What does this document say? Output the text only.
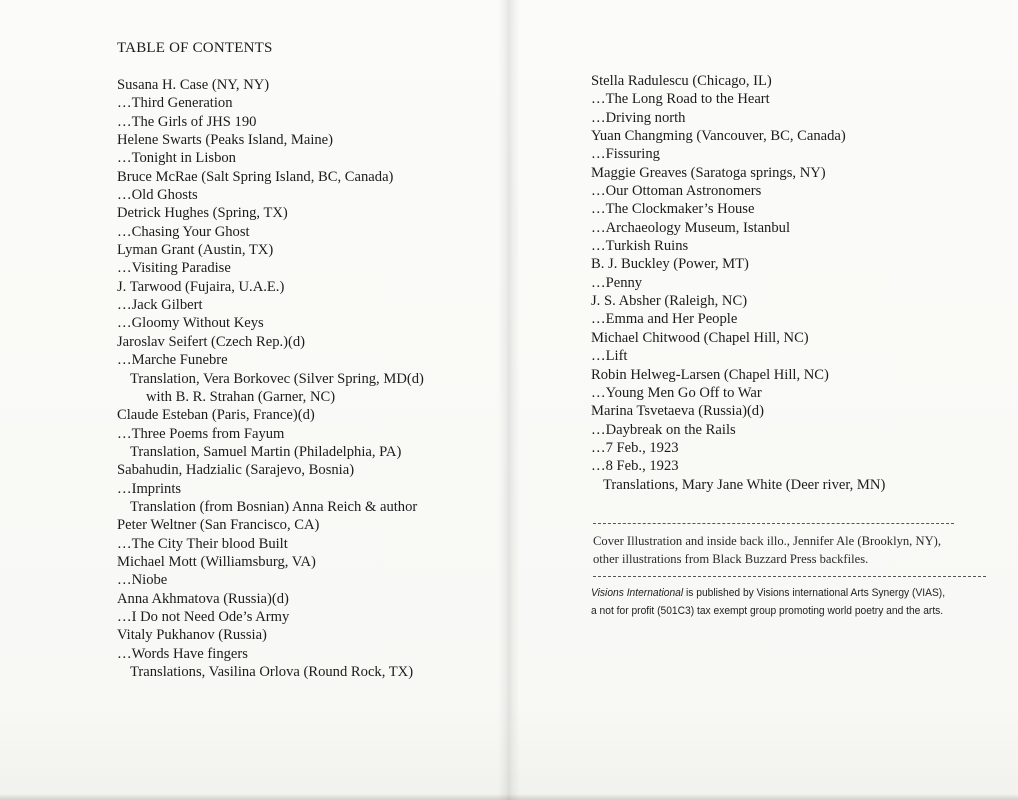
TABLE OF CONTENTS
Susana H. Case (NY, NY)
…Third Generation
…The Girls of JHS 190
Helene Swarts (Peaks Island, Maine)
…Tonight in Lisbon
Bruce McRae (Salt Spring Island, BC, Canada)
…Old Ghosts
Detrick Hughes (Spring, TX)
…Chasing Your Ghost
Lyman Grant (Austin, TX)
…Visiting Paradise
J. Tarwood (Fujaira, U.A.E.)
…Jack Gilbert
…Gloomy Without Keys
Jaroslav Seifert (Czech Rep.)(d)
…Marche Funebre
Translation, Vera Borkovec (Silver Spring, MD(d)
with B. R. Strahan (Garner, NC)
Claude Esteban (Paris, France)(d)
…Three Poems from Fayum
Translation, Samuel Martin (Philadelphia, PA)
Sabahudin, Hadzialic (Sarajevo, Bosnia)
…Imprints
Translation (from Bosnian) Anna Reich & author
Peter Weltner (San Francisco, CA)
…The City Their blood Built
Michael Mott (Williamsburg, VA)
…Niobe
Anna Akhmatova (Russia)(d)
…I Do not Need Ode’s Army
Vitaly Pukhanov (Russia)
…Words Have fingers
Translations, Vasilina Orlova (Round Rock, TX)
Stella Radulescu (Chicago, IL)
…The Long Road to the Heart
…Driving north
Yuan Changming (Vancouver, BC, Canada)
…Fissuring
Maggie Greaves (Saratoga springs, NY)
…Our Ottoman Astronomers
…The Clockmaker’s House
…Archaeology Museum, Istanbul
…Turkish Ruins
B. J. Buckley (Power, MT)
…Penny
J. S. Absher (Raleigh, NC)
…Emma and Her People
Michael Chitwood (Chapel Hill, NC)
…Lift
Robin Helweg-Larsen (Chapel Hill, NC)
…Young Men Go Off to War
Marina Tsvetaeva (Russia)(d)
…Daybreak on the Rails
…7 Feb., 1923
…8 Feb., 1923
Translations, Mary Jane White (Deer river, MN)

Cover Illustration and inside back illo., Jennifer Ale (Brooklyn, NY),
other illustrations from Black Buzzard Press backfiles.

Visions International is published by Visions international Arts Synergy (VIAS),
a not for profit (501C3) tax exempt group promoting world poetry and the arts.
